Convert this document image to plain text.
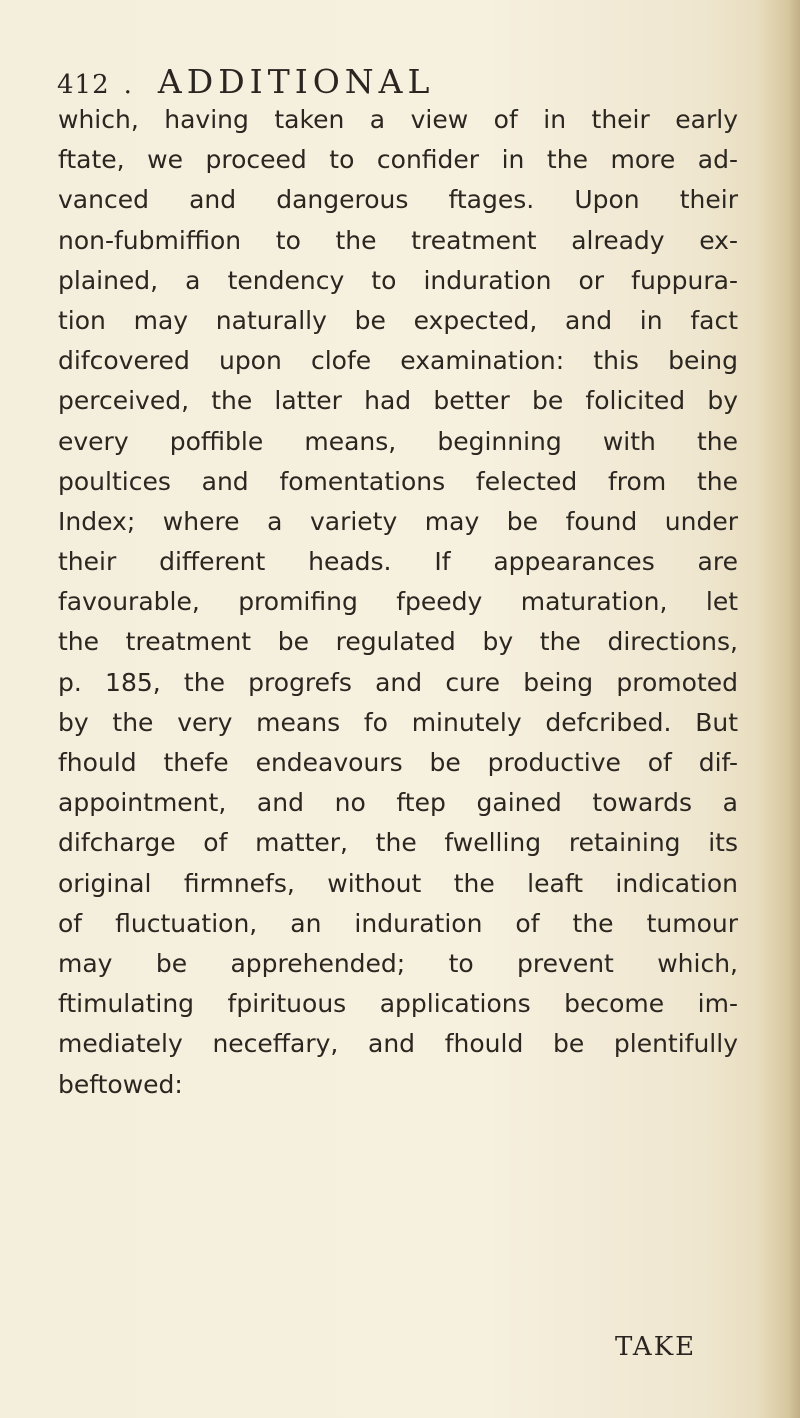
412 . ADDITIONAL
which, having taken a view of in their early
ftate, we proceed to confider in the more ad-
vanced and dangerous ftages. Upon their
non-fubmiffion to the treatment already ex-
plained, a tendency to induration or fuppura-
tion may naturally be expected, and in fact
difcovered upon clofe examination: this being
perceived, the latter had better be folicited by
every poffible means, beginning with the
poultices and fomentations felected from the
Index; where a variety may be found under
their different heads. If appearances are
favourable, promifing fpeedy maturation, let
the treatment be regulated by the directions,
p. 185, the progrefs and cure being promoted
by the very means fo minutely defcribed. But
fhould thefe endeavours be productive of dif-
appointment, and no ftep gained towards a
difcharge of matter, the fwelling retaining its
original firmnefs, without the leaft indication
of fluctuation, an induration of the tumour
may be apprehended; to prevent which,
ftimulating fpirituous applications become im-
mediately neceffary, and fhould be plentifully
beftowed:
TAKE
